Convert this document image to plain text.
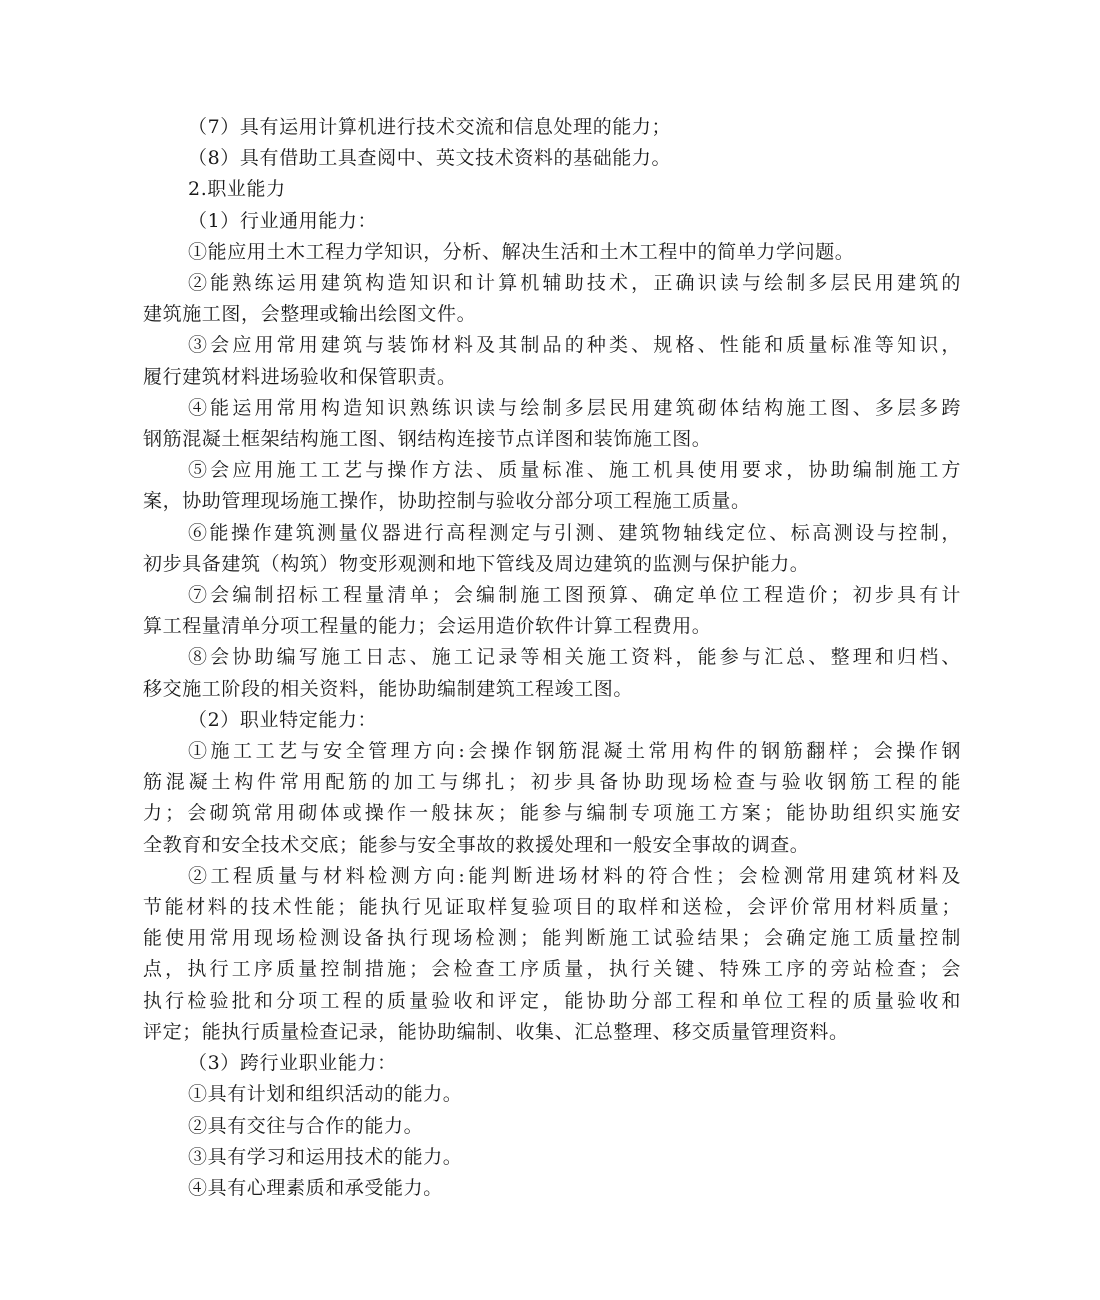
（7）具有运用计算机进行技术交流和信息处理的能力；

（8）具有借助工具查阅中、英文技术资料的基础能力。

2.职业能力

（1）行业通用能力：

①能应用土木工程力学知识，分析、解决生活和土木工程中的简单力学问题。

②能熟练运用建筑构造知识和计算机辅助技术，正确识读与绘制多层民用建筑的

建筑施工图，会整理或输出绘图文件。

③会应用常用建筑与装饰材料及其制品的种类、规格、性能和质量标准等知识，

履行建筑材料进场验收和保管职责。

④能运用常用构造知识熟练识读与绘制多层民用建筑砌体结构施工图、多层多跨

钢筋混凝土框架结构施工图、钢结构连接节点详图和装饰施工图。

⑤会应用施工工艺与操作方法、质量标准、施工机具使用要求，协助编制施工方

案，协助管理现场施工操作，协助控制与验收分部分项工程施工质量。

⑥能操作建筑测量仪器进行高程测定与引测、建筑物轴线定位、标高测设与控制，

初步具备建筑（构筑）物变形观测和地下管线及周边建筑的监测与保护能力。

⑦会编制招标工程量清单；会编制施工图预算、确定单位工程造价；初步具有计

算工程量清单分项工程量的能力；会运用造价软件计算工程费用。

⑧会协助编写施工日志、施工记录等相关施工资料，能参与汇总、整理和归档、

移交施工阶段的相关资料，能协助编制建筑工程竣工图。

（2）职业特定能力：

①施工工艺与安全管理方向:会操作钢筋混凝土常用构件的钢筋翻样；会操作钢

筋混凝土构件常用配筋的加工与绑扎；初步具备协助现场检查与验收钢筋工程的能

力；会砌筑常用砌体或操作一般抹灰；能参与编制专项施工方案；能协助组织实施安

全教育和安全技术交底；能参与安全事故的救援处理和一般安全事故的调查。

②工程质量与材料检测方向:能判断进场材料的符合性；会检测常用建筑材料及

节能材料的技术性能；能执行见证取样复验项目的取样和送检，会评价常用材料质量；

能使用常用现场检测设备执行现场检测；能判断施工试验结果；会确定施工质量控制

点，执行工序质量控制措施；会检查工序质量，执行关键、特殊工序的旁站检查；会

执行检验批和分项工程的质量验收和评定，能协助分部工程和单位工程的质量验收和

评定；能执行质量检查记录，能协助编制、收集、汇总整理、移交质量管理资料。

（3）跨行业职业能力：

①具有计划和组织活动的能力。

②具有交往与合作的能力。

③具有学习和运用技术的能力。

④具有心理素质和承受能力。
